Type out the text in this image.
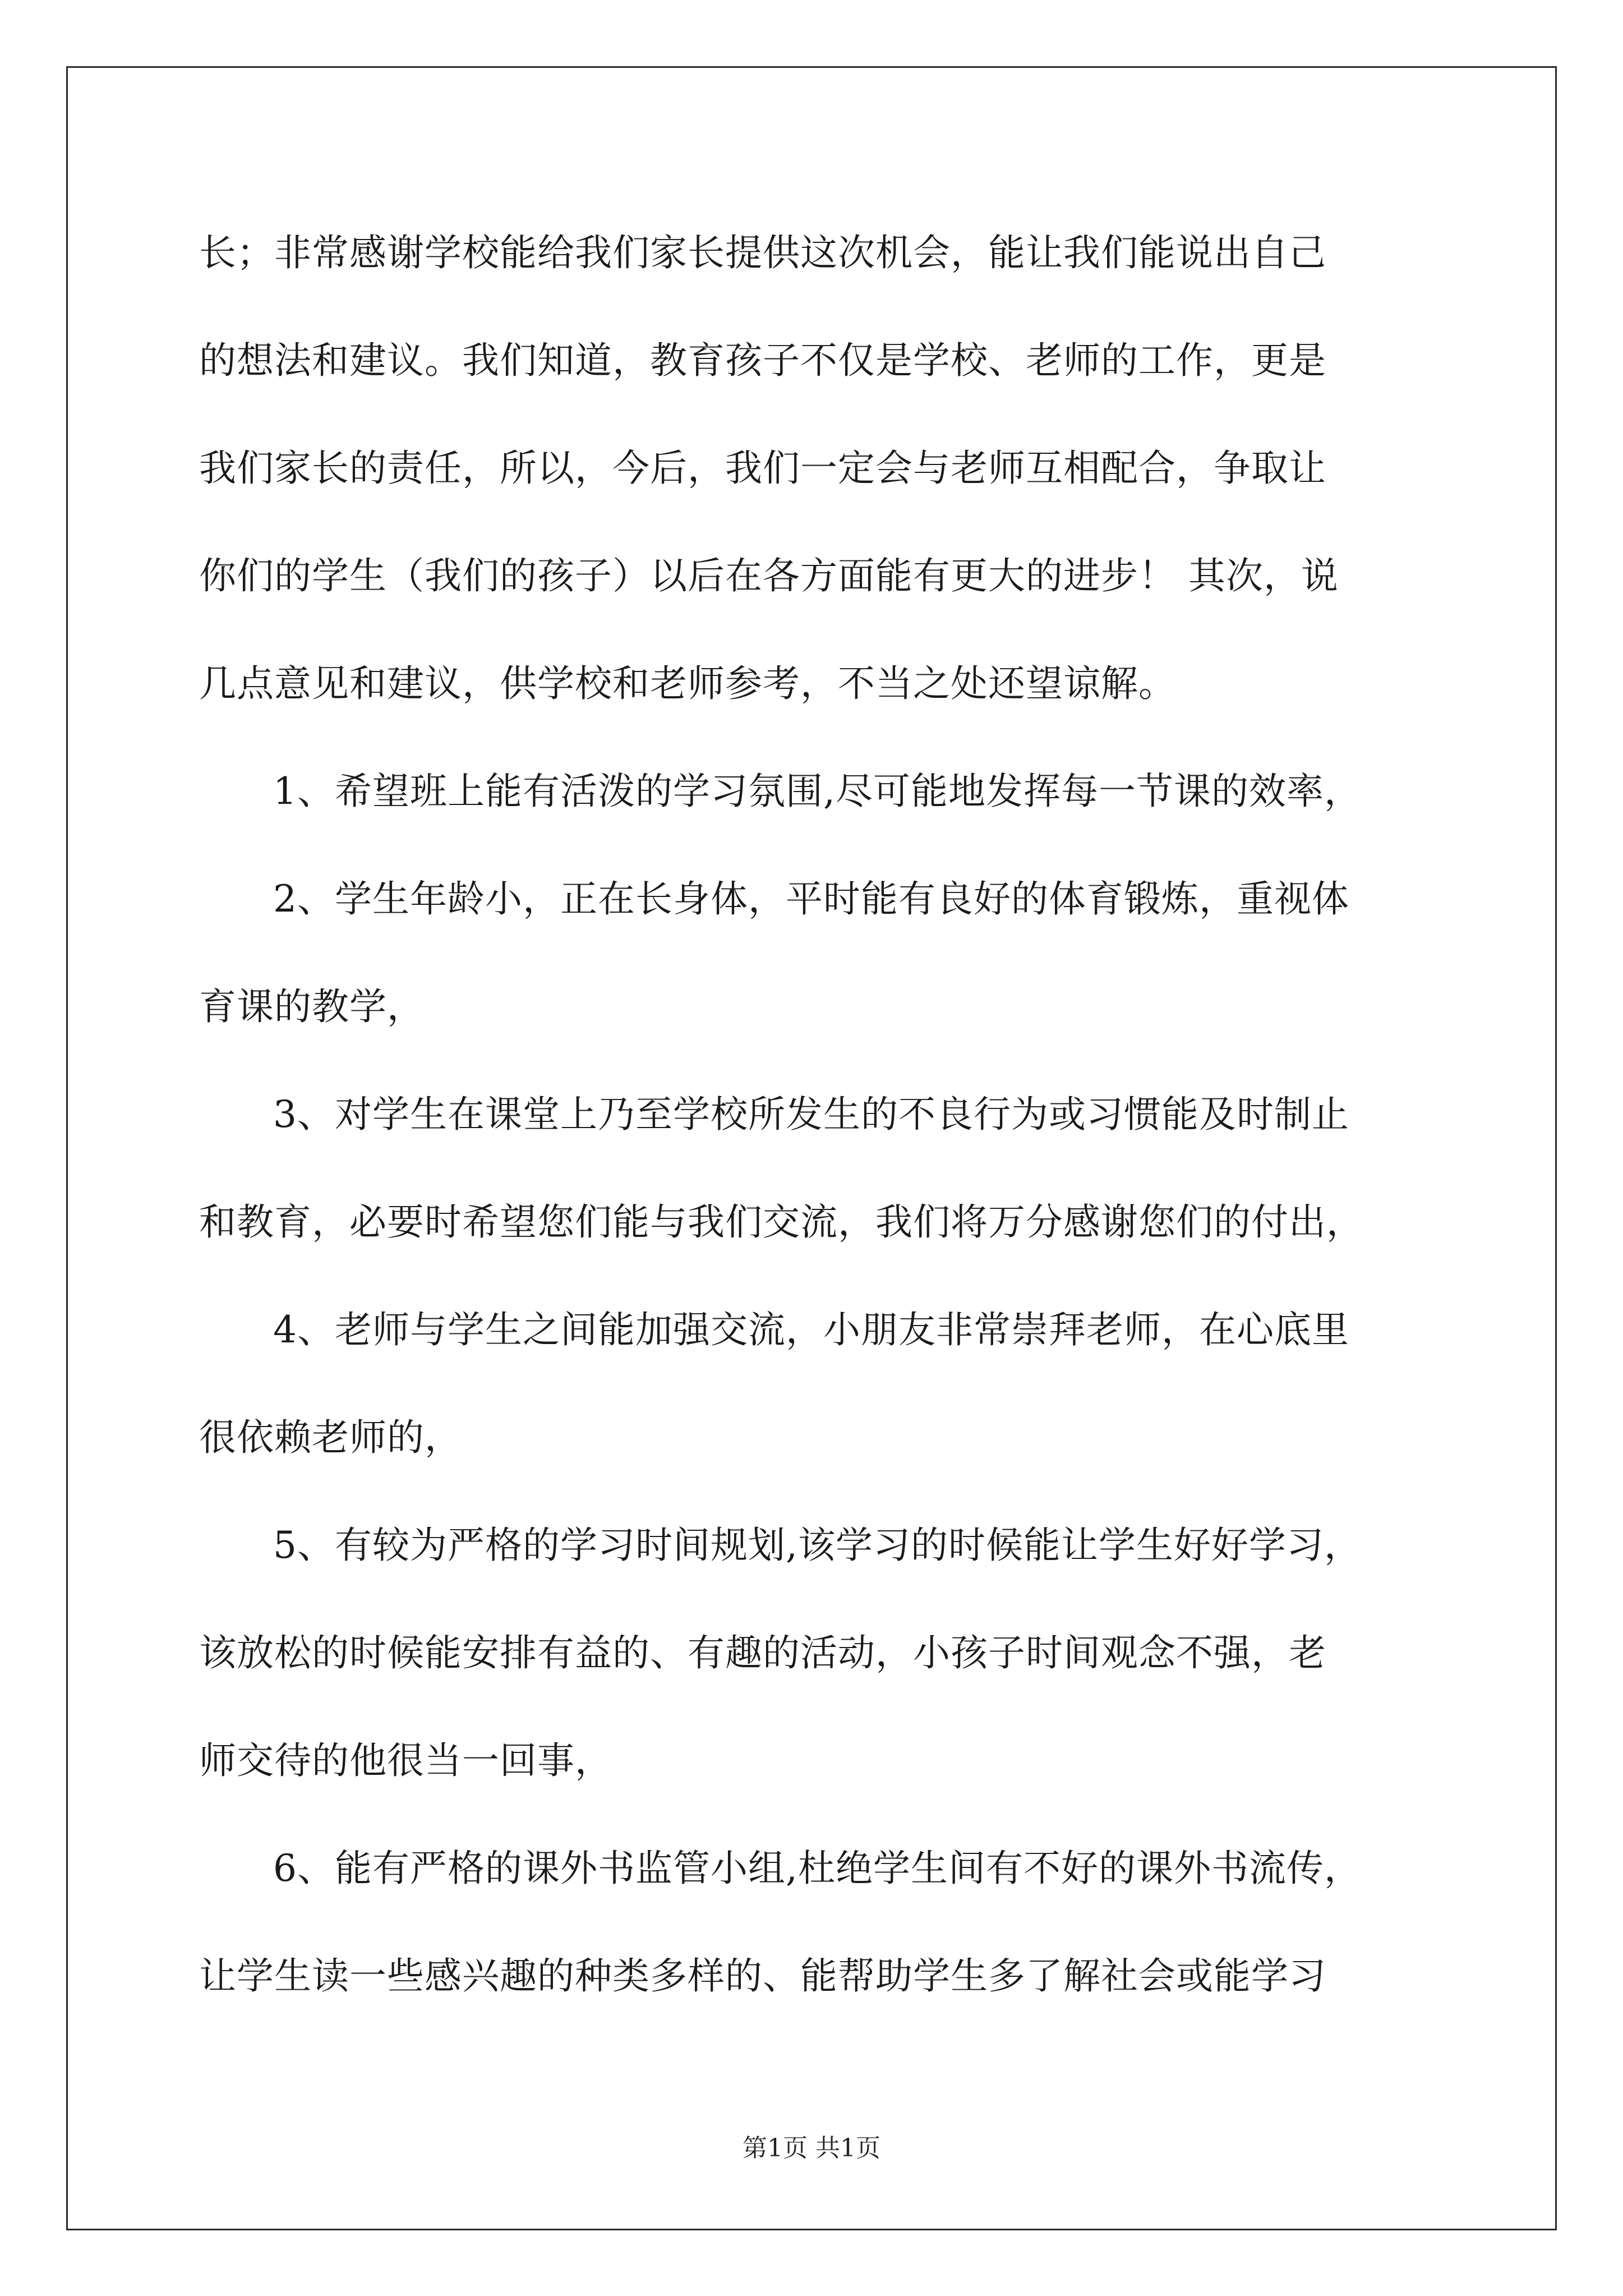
长；非常感谢学校能给我们家长提供这次机会，能让我们能说出自己
的想法和建议。我们知道，教育孩子不仅是学校、老师的工作，更是
我们家长的责任，所以，今后，我们一定会与老师互相配合，争取让
你们的学生（我们的孩子）以后在各方面能有更大的进步！ 其次，说
几点意见和建议，供学校和老师参考，不当之处还望谅解。
1、希望班上能有活泼的学习氛围,尽可能地发挥每一节课的效率，
2、学生年龄小，正在长身体，平时能有良好的体育锻炼，重视体
育课的教学，
3、对学生在课堂上乃至学校所发生的不良行为或习惯能及时制止
和教育，必要时希望您们能与我们交流，我们将万分感谢您们的付出，
4、老师与学生之间能加强交流，小朋友非常崇拜老师，在心底里
很依赖老师的，
5、有较为严格的学习时间规划,该学习的时候能让学生好好学习，
该放松的时候能安排有益的、有趣的活动，小孩子时间观念不强，老
师交待的他很当一回事，
6、能有严格的课外书监管小组,杜绝学生间有不好的课外书流传，
让学生读一些感兴趣的种类多样的、能帮助学生多了解社会或能学习
第1页 共1页
